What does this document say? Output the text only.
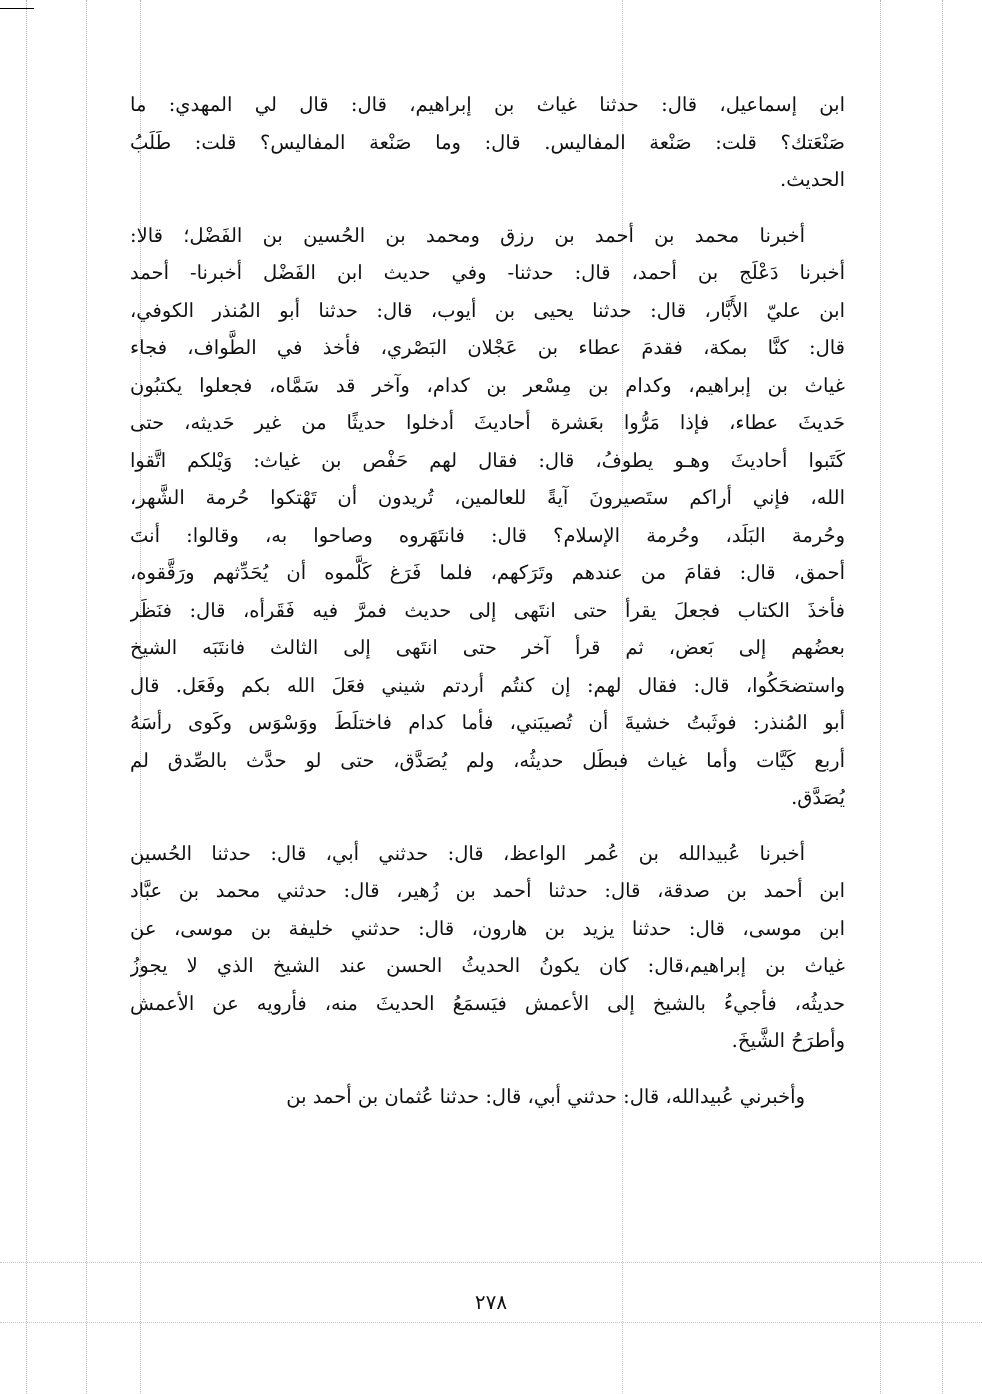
ابن إسماعيل، قال: حدثنا غياث بن إبراهيم، قال: قال لي المهدي: ما
صَنْعَتك؟ قلت: صَنْعة المفاليس. قال: وما صَنْعة المفاليس؟ قلت: طَلَبُ
الحديث.
أخبرنا محمد بن أحمد بن رزق ومحمد بن الحُسين بن الفَضْل؛ قالا:
أخبرنا دَعْلَج بن أحمد، قال: حدثنا- وفي حديث ابن الفَضْل أخبرنا- أحمد
ابن عليّ الأَبَّار، قال: حدثنا يحيى بن أيوب، قال: حدثنا أبو المُنذر الكوفي،
قال: كنَّا بمكة، فقدمَ عطاء بن عَجْلان البَصْري، فأخذ في الطَّواف، فجاء
غياث بن إبراهيم، وكدام بن مِسْعر بن كدام، وآخر قد سَمَّاه، فجعلوا يكتبُون
حَديثَ عطاء، فإذا مَرُّوا بعَشرة أحاديثَ أدخلوا حديثًا من غير حَديثه، حتى
كَتَبوا أحاديثَ وهـو يطوفُ، قال: فقال لهم حَفْص بن غياث: وَيْلكم اتَّقوا
الله، فإني أراكم ستَصيرونَ آيةً للعالمين، تُريدون أن تَهْتكوا حُرمة الشَّهر،
وحُرمة البَلَد، وحُرمة الإسلام؟ قال: فانتَهَروه وصاحوا به، وقالوا: أنتَ
أحمق، قال: فقامَ من عندهم وتَرَكهم، فلما فَرَغ كَلَّموه أن يُحَدِّثهم ورَقَّقوه،
فأخذَ الكتاب فجعلَ يقرأ حتى انتَهى إلى حديث فمرَّ فيه فَقَرأه، قال: فنَظَر
بعضُهم إلى بَعض، ثم قرأ آخر حتى انتَهى إلى الثالث فانتَبَه الشيخ
واستضحَكُوا، قال: فقال لهم: إن كنتُم أردتم شيني فعَلَ الله بكم وفَعَل. قال
أبو المُنذر: فوثَبتُ خشيةَ أن تُصيبَني، فأما كدام فاختلَطَ ووَسْوَس وكَوى رأسَهُ
أربع كَيَّات وأما غياث فبطَل حديثُه، ولم يُصَدَّق، حتى لو حدَّث بالصِّدق لم
يُصَدَّق.
أخبرنا عُبيدالله بن عُمر الواعظ، قال: حدثني أبي، قال: حدثنا الحُسين
ابن أحمد بن صدقة، قال: حدثنا أحمد بن زُهير، قال: حدثني محمد بن عبَّاد
ابن موسى، قال: حدثنا يزيد بن هارون، قال: حدثني خليفة بن موسى، عن
غياث بن إبراهيم،قال: كان يكونُ الحديثُ الحسن عند الشيخ الذي لا يجوزُ
حديثُه، فأجيءُ بالشيخ إلى الأعمش فيَسمَعُ الحديثَ منه، فأرويه عن الأعمش
وأطرَحُ الشَّيخَ.
وأخبرني عُبيدالله، قال: حدثني أبي، قال: حدثنا عُثمان بن أحمد بن
٢٧٨
